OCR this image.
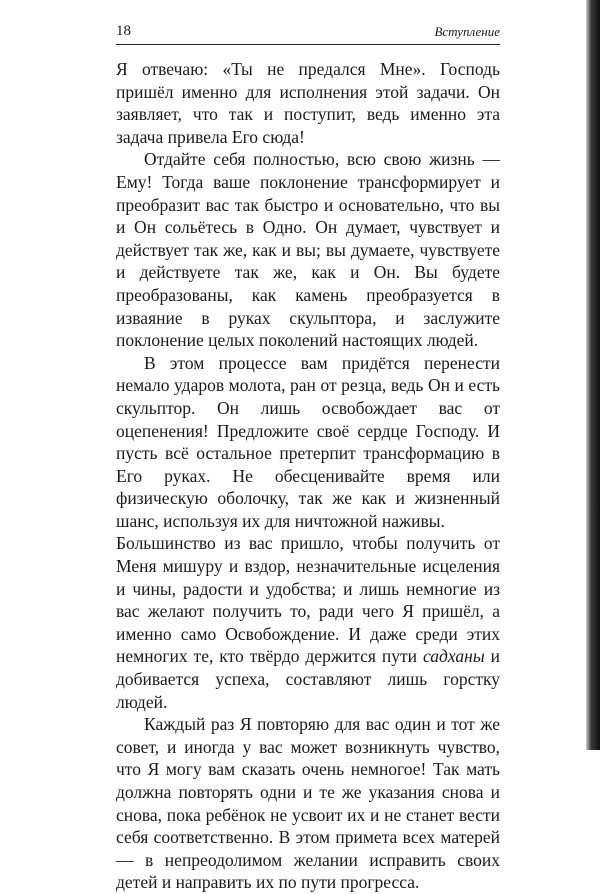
18	Вступление

Я отвечаю: «Ты не предался Мне». Господь пришёл именно для исполнения этой задачи. Он заявляет, что так и поступит, ведь именно эта задача привела Его сюда!

Отдайте себя полностью, всю свою жизнь — Ему! Тогда ваше поклонение трансформирует и преобразит вас так быстро и основательно, что вы и Он сольётесь в Одно. Он думает, чувствует и действует так же, как и вы; вы думаете, чувствуете и действуете так же, как и Он. Вы будете преобразованы, как камень преобразуется в изваяние в руках скульптора, и заслужите поклонение целых поколений настоящих людей.

В этом процессе вам придётся перенести немало ударов молота, ран от резца, ведь Он и есть скульптор. Он лишь освобождает вас от оцепенения! Предложите своё сердце Господу. И пусть всё остальное претерпит трансформацию в Его руках. Не обесценивайте время или физическую оболочку, так же как и жизненный шанс, используя их для ничтожной наживы.

Большинство из вас пришло, чтобы получить от Меня мишуру и вздор, незначительные исцеления и чины, радости и удобства; и лишь немногие из вас желают получить то, ради чего Я пришёл, а именно само Освобождение. И даже среди этих немногих те, кто твёрдо держится пути садханы и добивается успеха, составляют лишь горстку людей.

Каждый раз Я повторяю для вас один и тот же совет, и иногда у вас может возникнуть чувство, что Я могу вам сказать очень немногое! Так мать должна повторять одни и те же указания снова и снова, пока ребёнок не усвоит их и не станет вести себя соответственно. В этом примета всех матерей — в непреодолимом желании исправить своих детей и направить их по пути прогресса.
